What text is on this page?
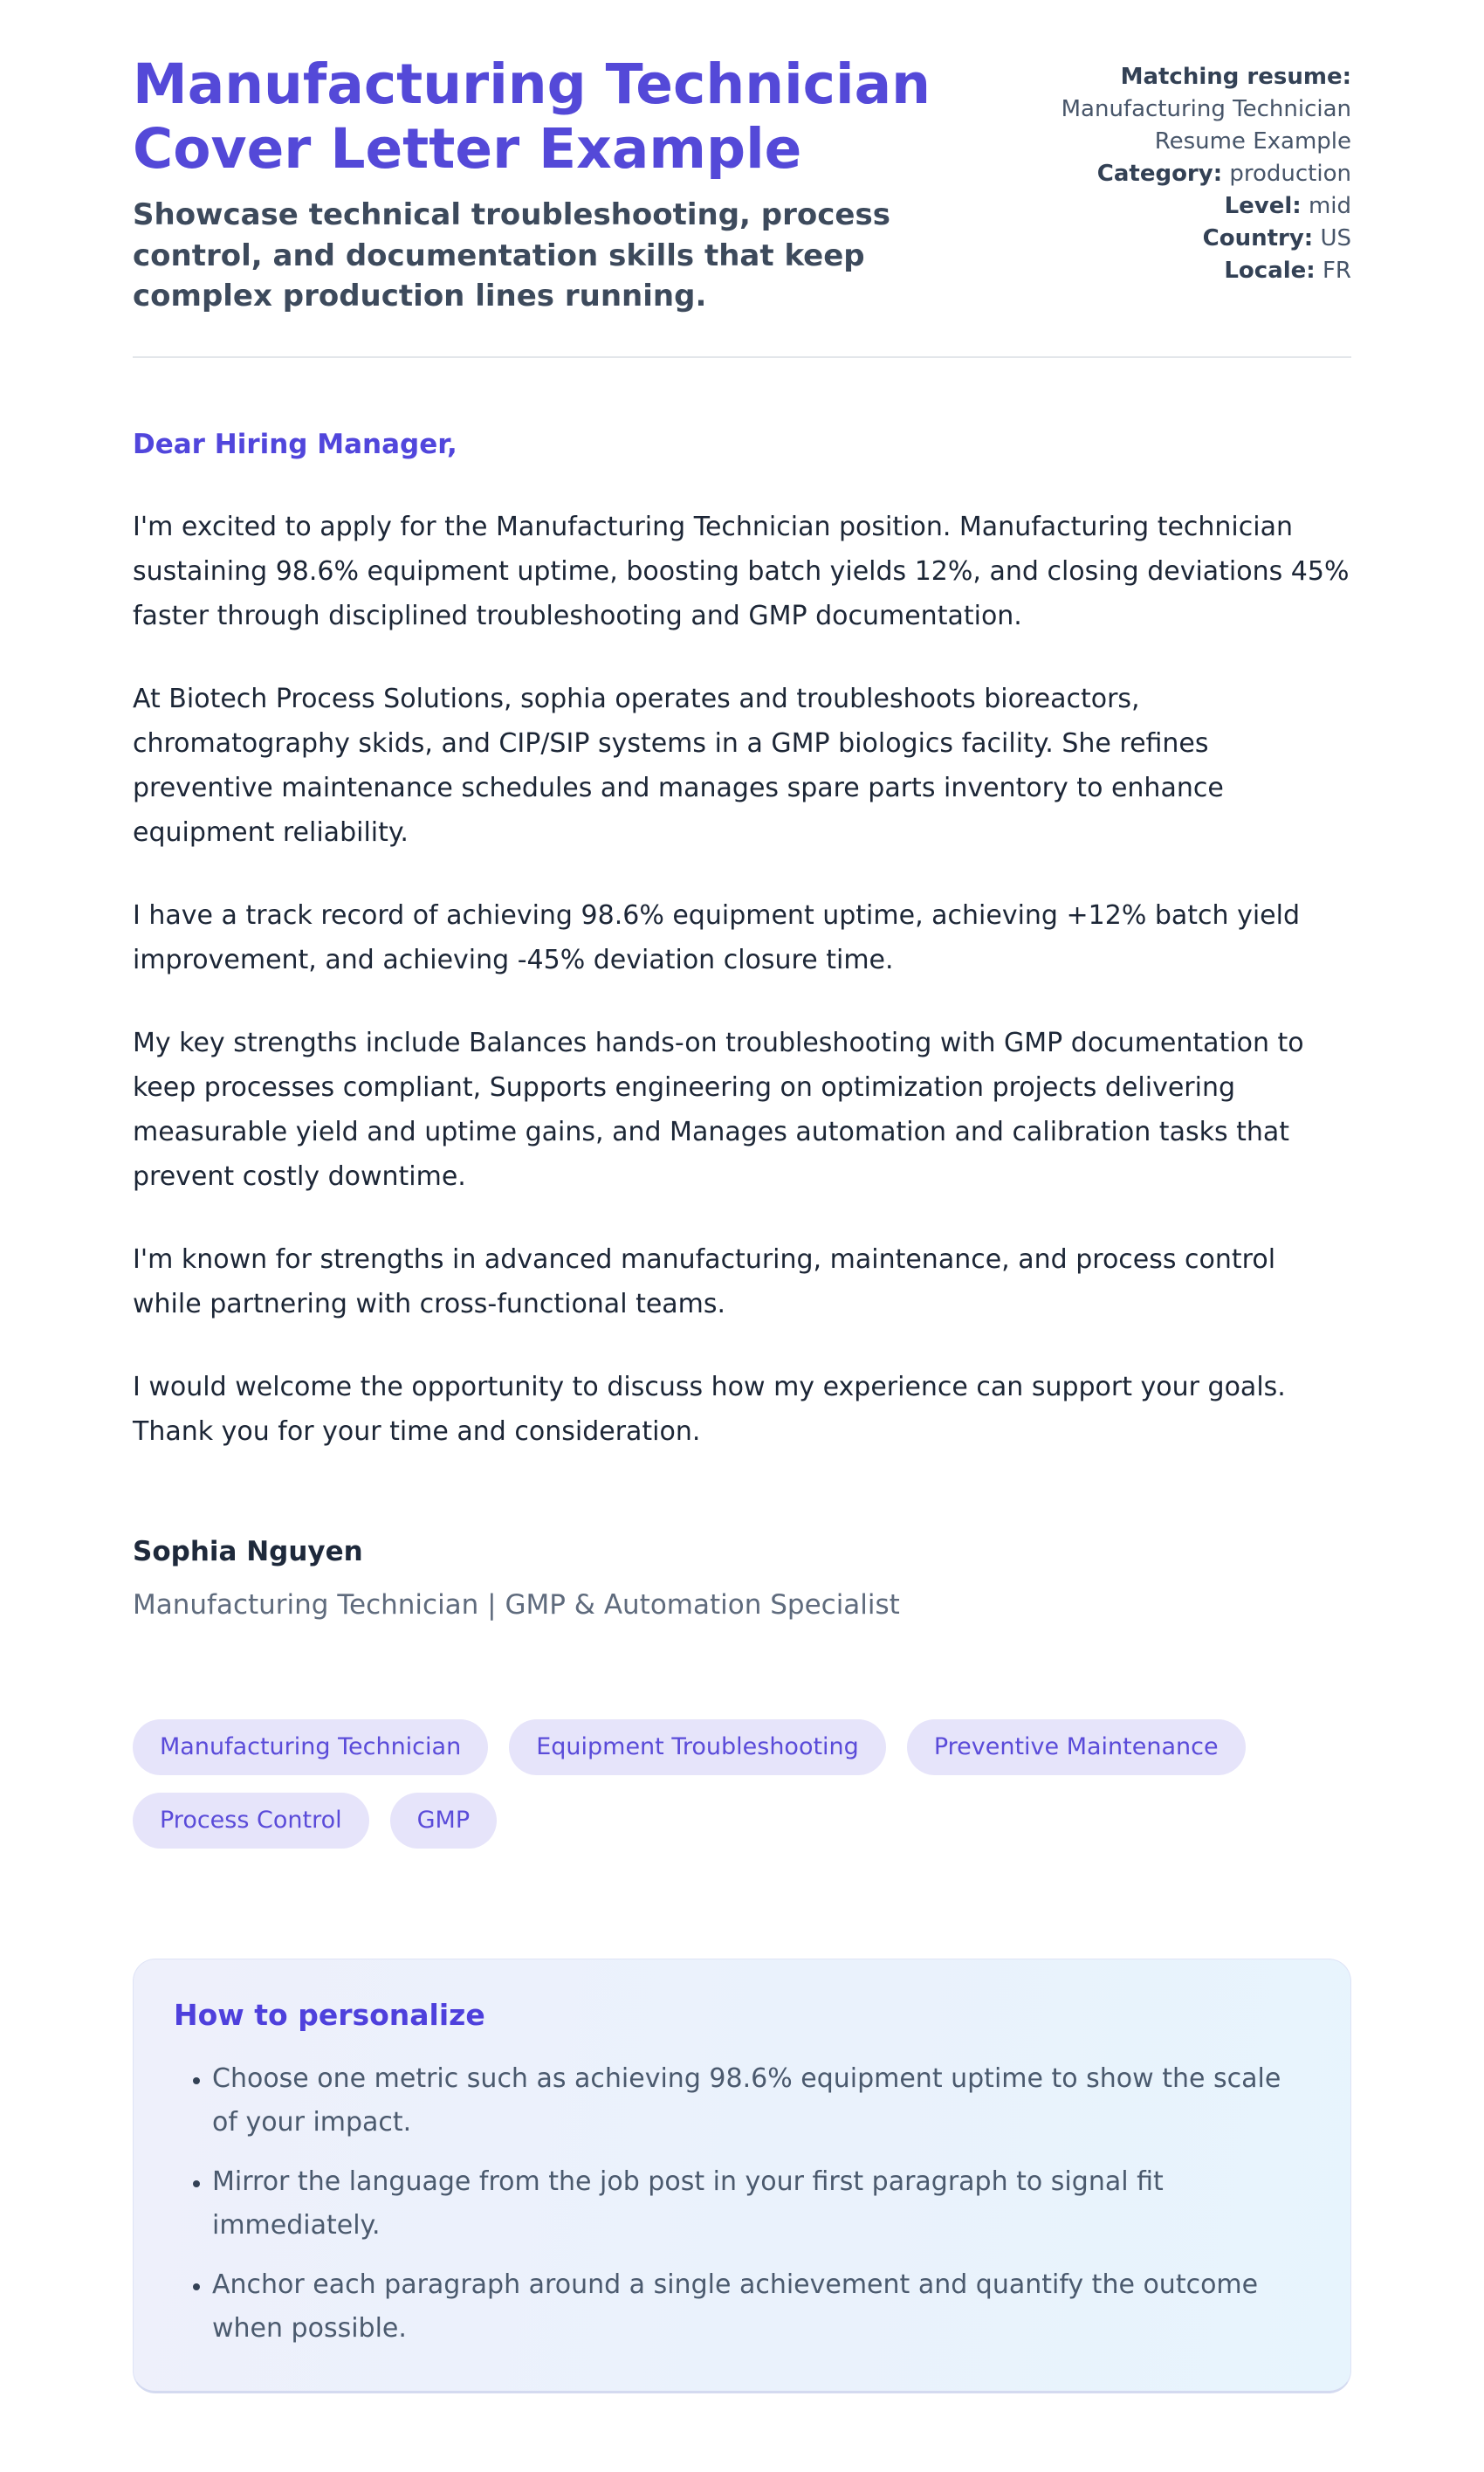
Manufacturing Technician Cover Letter Example

Showcase technical troubleshooting, process control, and documentation skills that keep complex production lines running.

Matching resume:
Manufacturing Technician Resume Example
Category: production
Level: mid
Country: US
Locale: FR

Dear Hiring Manager,

I'm excited to apply for the Manufacturing Technician position. Manufacturing technician sustaining 98.6% equipment uptime, boosting batch yields 12%, and closing deviations 45% faster through disciplined troubleshooting and GMP documentation.

At Biotech Process Solutions, sophia operates and troubleshoots bioreactors, chromatography skids, and CIP/SIP systems in a GMP biologics facility. She refines preventive maintenance schedules and manages spare parts inventory to enhance equipment reliability.

I have a track record of achieving 98.6% equipment uptime, achieving +12% batch yield improvement, and achieving -45% deviation closure time.

My key strengths include Balances hands-on troubleshooting with GMP documentation to keep processes compliant, Supports engineering on optimization projects delivering measurable yield and uptime gains, and Manages automation and calibration tasks that prevent costly downtime.

I'm known for strengths in advanced manufacturing, maintenance, and process control while partnering with cross-functional teams.

I would welcome the opportunity to discuss how my experience can support your goals. Thank you for your time and consideration.

Sophia Nguyen

Manufacturing Technician | GMP & Automation Specialist

Manufacturing Technician	Equipment Troubleshooting	Preventive Maintenance
Process Control	GMP
How to personalize
• Choose one metric such as achieving 98.6% equipment uptime to show the scale of your impact.
• Mirror the language from the job post in your first paragraph to signal fit immediately.
• Anchor each paragraph around a single achievement and quantify the outcome when possible.
